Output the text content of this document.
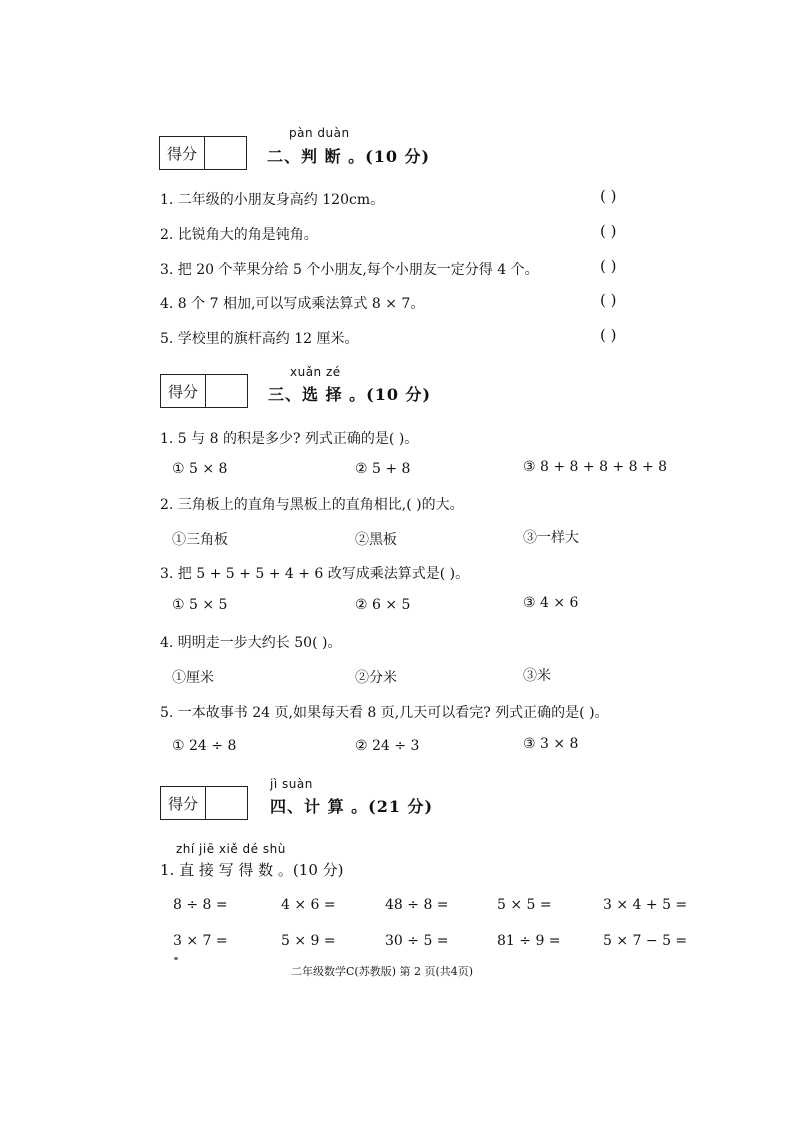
得分
pàn duàn
二、判 断 。(10 分)
1. 二年级的小朋友身高约 120cm。	( )
2. 比锐角大的角是钝角。	( )
3. 把 20 个苹果分给 5 个小朋友,每个小朋友一定分得 4 个。	( )
4. 8 个 7 相加,可以写成乘法算式 8 × 7。	( )
5. 学校里的旗杆高约 12 厘米。	( )
得分
xuǎn zé
三、选 择 。(10 分)
1. 5 与 8 的积是多少? 列式正确的是( )。
① 5 × 8	② 5 + 8	③ 8 + 8 + 8 + 8 + 8
2. 三角板上的直角与黑板上的直角相比,( )的大。
①三角板	②黑板	③一样大
3. 把 5 + 5 + 5 + 4 + 6 改写成乘法算式是( )。
① 5 × 5	② 6 × 5	③ 4 × 6
4. 明明走一步大约长 50( )。
①厘米	②分米	③米
5. 一本故事书 24 页,如果每天看 8 页,几天可以看完? 列式正确的是( )。
① 24 ÷ 8	② 24 ÷ 3	③ 3 × 8
得分
jì suàn
四、计 算 。(21 分)
zhí jiē xiě dé shù
1. 直 接 写 得 数 。(10 分)
8 ÷ 8 =	4 × 6 =	48 ÷ 8 =	5 × 5 =	3 × 4 + 5 =
3 × 7 =	5 × 9 =	30 ÷ 5 =	81 ÷ 9 =	5 × 7 − 5 =
二年级数学C(苏教版) 第 2 页(共4页)
